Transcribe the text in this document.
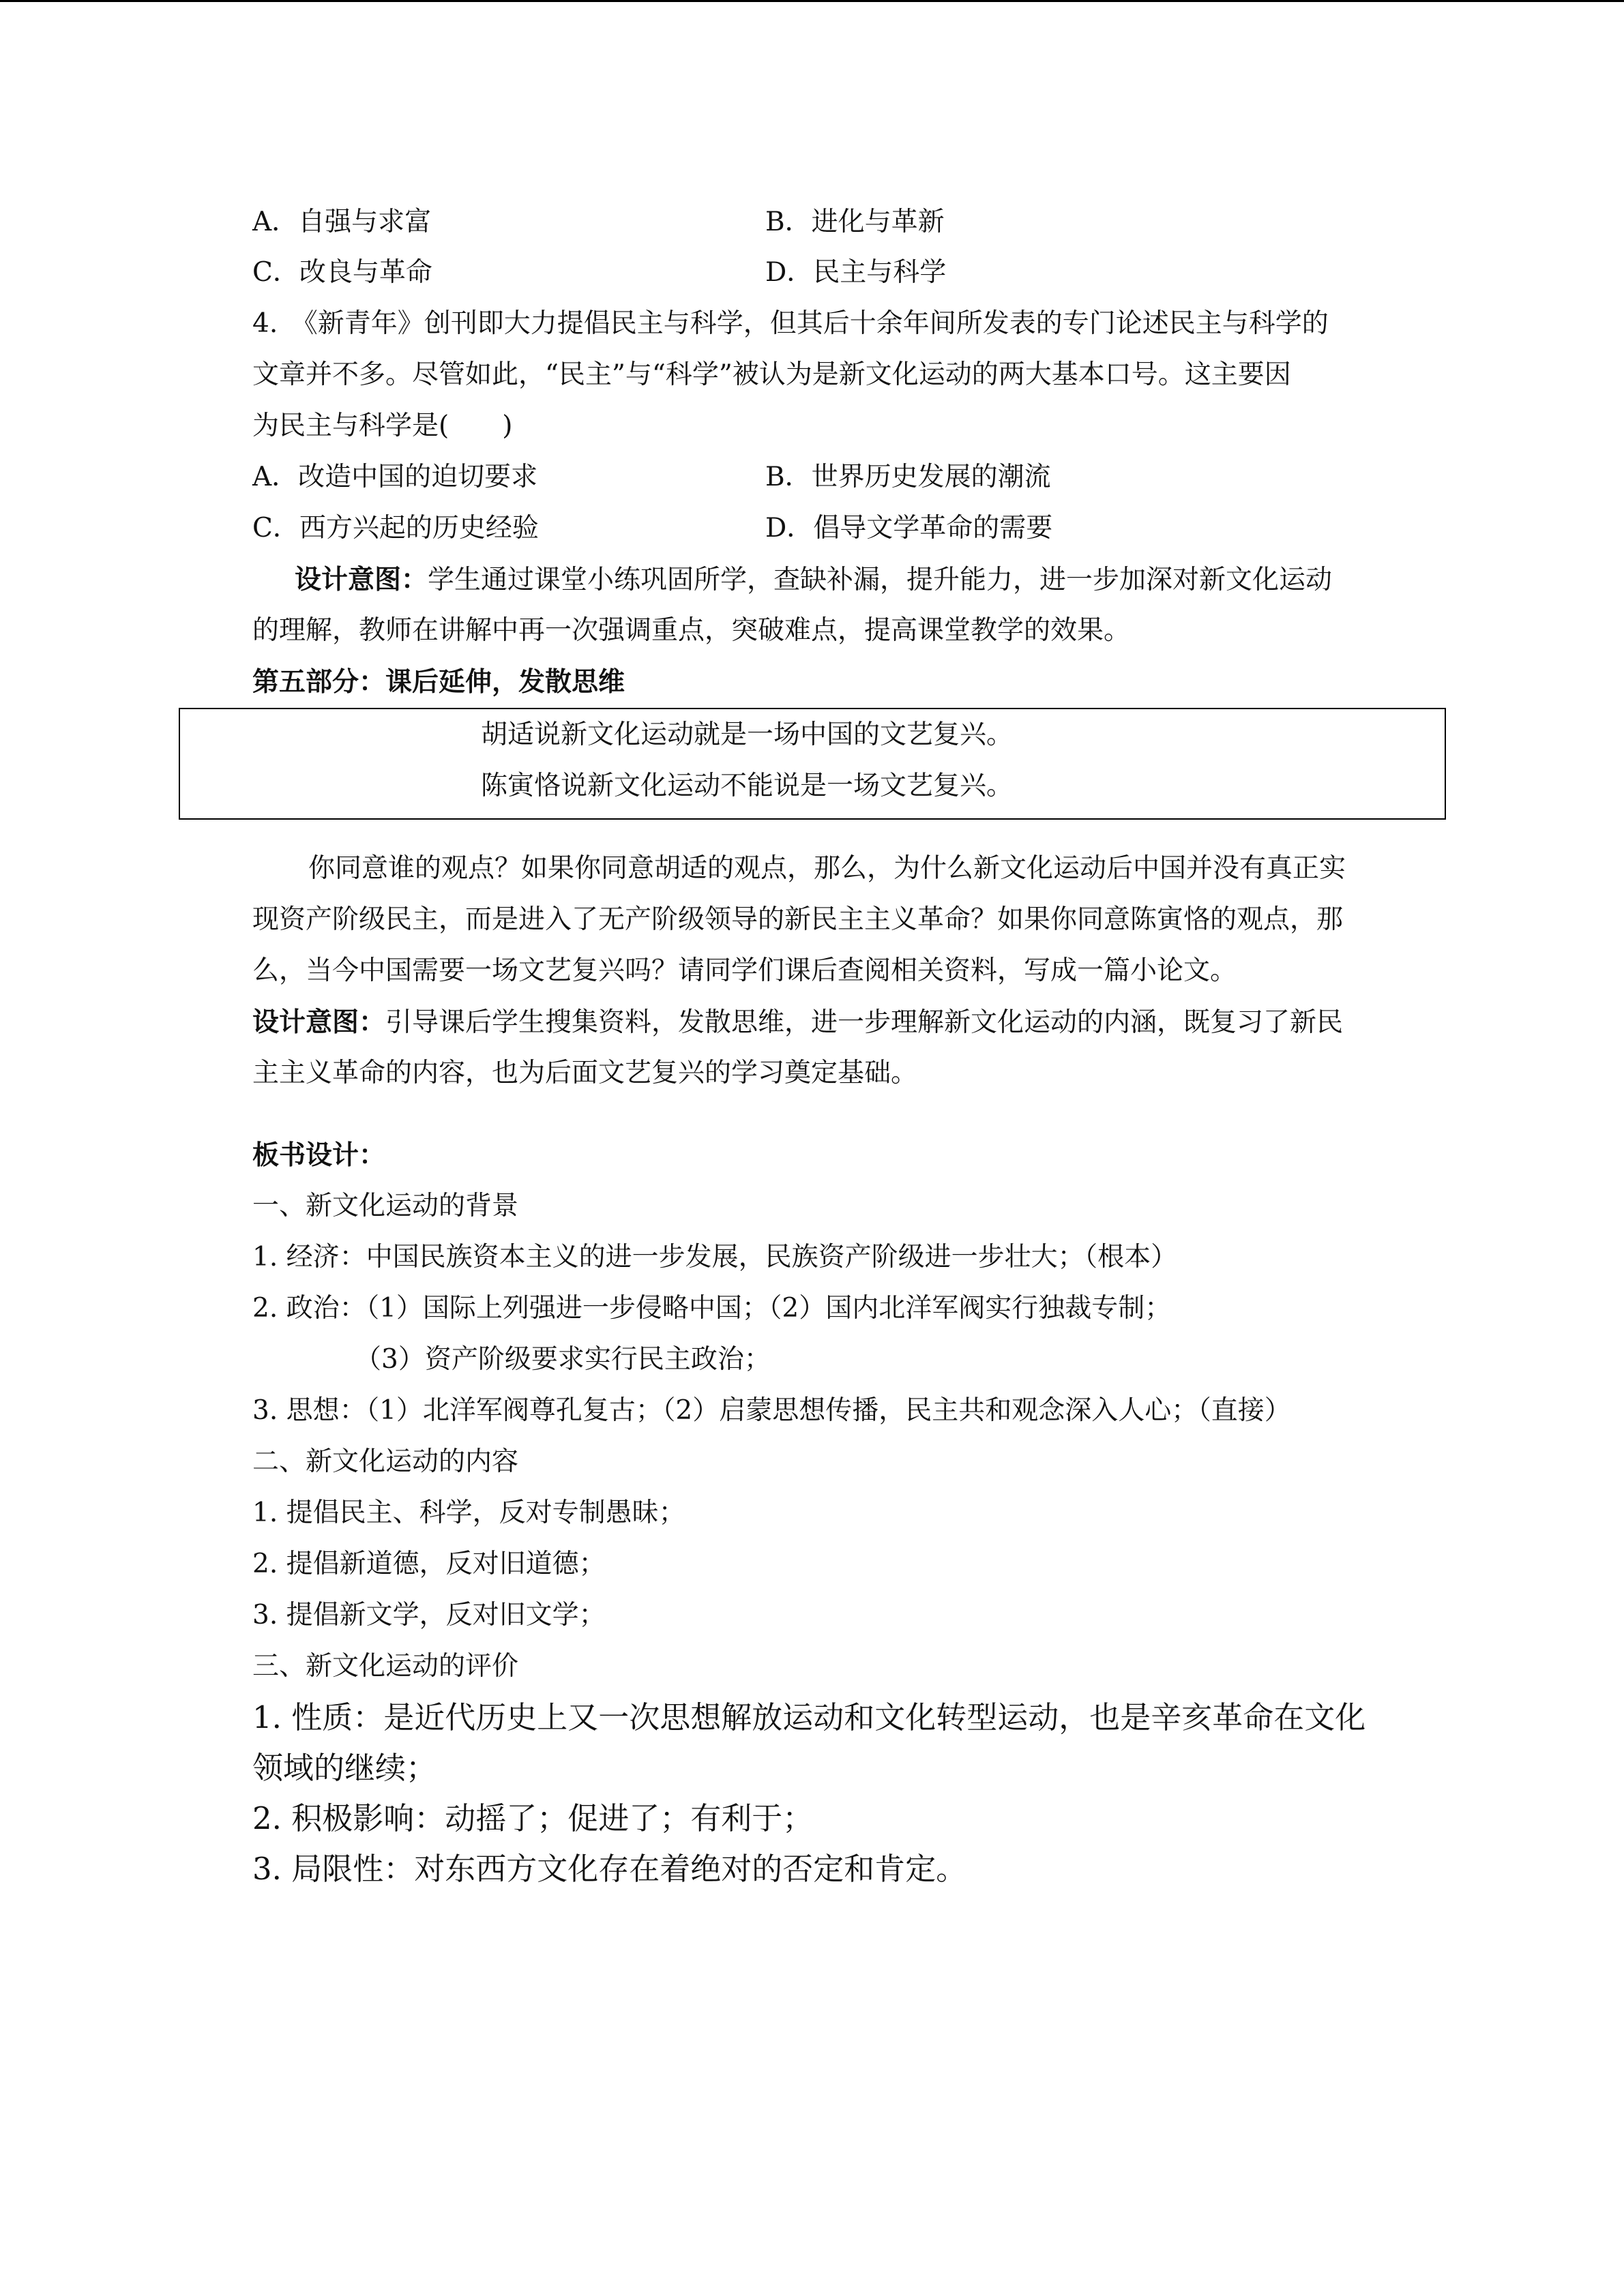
A．自强与求富	B．进化与革新
C．改良与革命	D．民主与科学
4.　《新青年》创刊即大力提倡民主与科学，但其后十余年间所发表的专门论述民主与科学的
文章并不多。尽管如此，“民主”与“科学”被认为是新文化运动的两大基本口号。这主要因
为民主与科学是(　　)
A．改造中国的迫切要求	B．世界历史发展的潮流
C．西方兴起的历史经验	D．倡导文学革命的需要
设计意图：学生通过课堂小练巩固所学，查缺补漏，提升能力，进一步加深对新文化运动
的理解，教师在讲解中再一次强调重点，突破难点，提高课堂教学的效果。
第五部分：课后延伸，发散思维
胡适说新文化运动就是一场中国的文艺复兴。
陈寅恪说新文化运动不能说是一场文艺复兴。
你同意谁的观点？如果你同意胡适的观点，那么，为什么新文化运动后中国并没有真正实
现资产阶级民主，而是进入了无产阶级领导的新民主主义革命？如果你同意陈寅恪的观点，那
么，当今中国需要一场文艺复兴吗？请同学们课后查阅相关资料，写成一篇小论文。
设计意图：引导课后学生搜集资料，发散思维，进一步理解新文化运动的内涵，既复习了新民
主主义革命的内容，也为后面文艺复兴的学习奠定基础。
板书设计：
一、新文化运动的背景
1. 经济：中国民族资本主义的进一步发展，民族资产阶级进一步壮大；（根本）
2. 政治：（1）国际上列强进一步侵略中国；（2）国内北洋军阀实行独裁专制；
（3）资产阶级要求实行民主政治；
3. 思想：（1）北洋军阀尊孔复古；（2）启蒙思想传播，民主共和观念深入人心；（直接）
二、新文化运动的内容
1. 提倡民主、科学，反对专制愚昧；
2. 提倡新道德，反对旧道德；
3. 提倡新文学，反对旧文学；
三、新文化运动的评价
1. 性质：是近代历史上又一次思想解放运动和文化转型运动，也是辛亥革命在文化
领域的继续；
2. 积极影响：动摇了；促进了；有利于；
3. 局限性：对东西方文化存在着绝对的否定和肯定。
